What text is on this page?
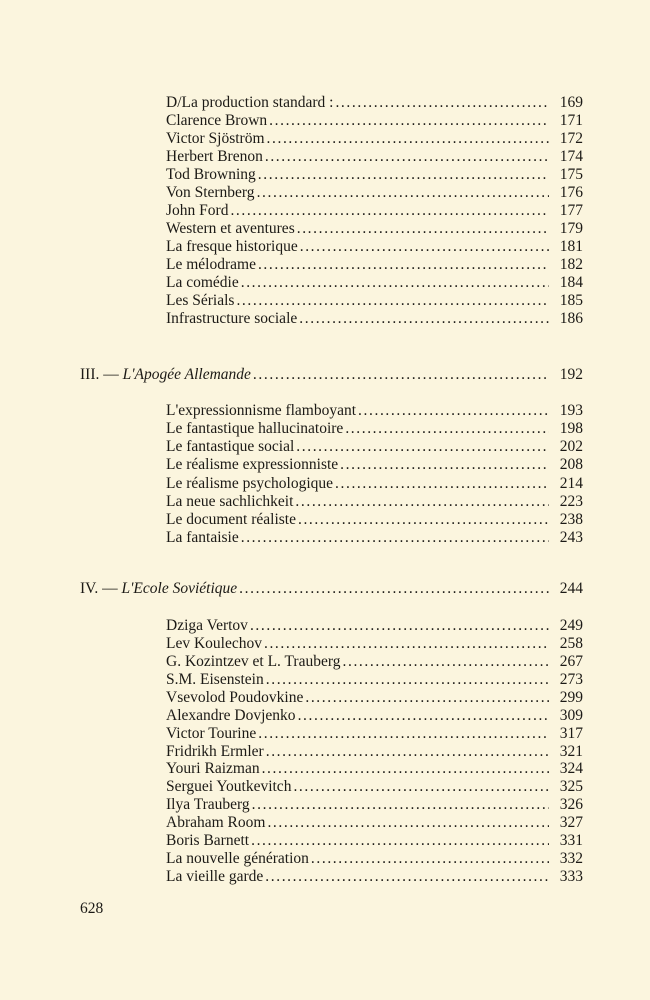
628
D/La production standard : .....	169
Clarence Brown .....	171
Victor Sjöström .....	172
Herbert Brenon .....	174
Tod Browning .....	175
Von Sternberg .....	176
John Ford .....	177
Western et aventures .....	179
La fresque historique .....	181
Le mélodrame .....	182
La comédie .....	184
Les Sérials .....	185
Infrastructure sociale .....	186
III. — L'Apogée Allemande .....	192
L'expressionnisme flamboyant .....	193
Le fantastique hallucinatoire .....	198
Le fantastique social .....	202
Le réalisme expressionniste .....	208
Le réalisme psychologique .....	214
La neue sachlichkeit .....	223
Le document réaliste .....	238
La fantaisie .....	243
IV. — L'Ecole Soviétique .....	244
Dziga Vertov .....	249
Lev Koulechov .....	258
G. Kozintzev et L. Trauberg .....	267
S.M. Eisenstein .....	273
Vsevolod Poudovkine .....	299
Alexandre Dovjenko .....	309
Victor Tourine .....	317
Fridrikh Ermler .....	321
Youri Raizman .....	324
Serguei Youtkevitch .....	325
Ilya Trauberg .....	326
Abraham Room .....	327
Boris Barnett .....	331
La nouvelle génération .....	332
La vieille garde .....	333
